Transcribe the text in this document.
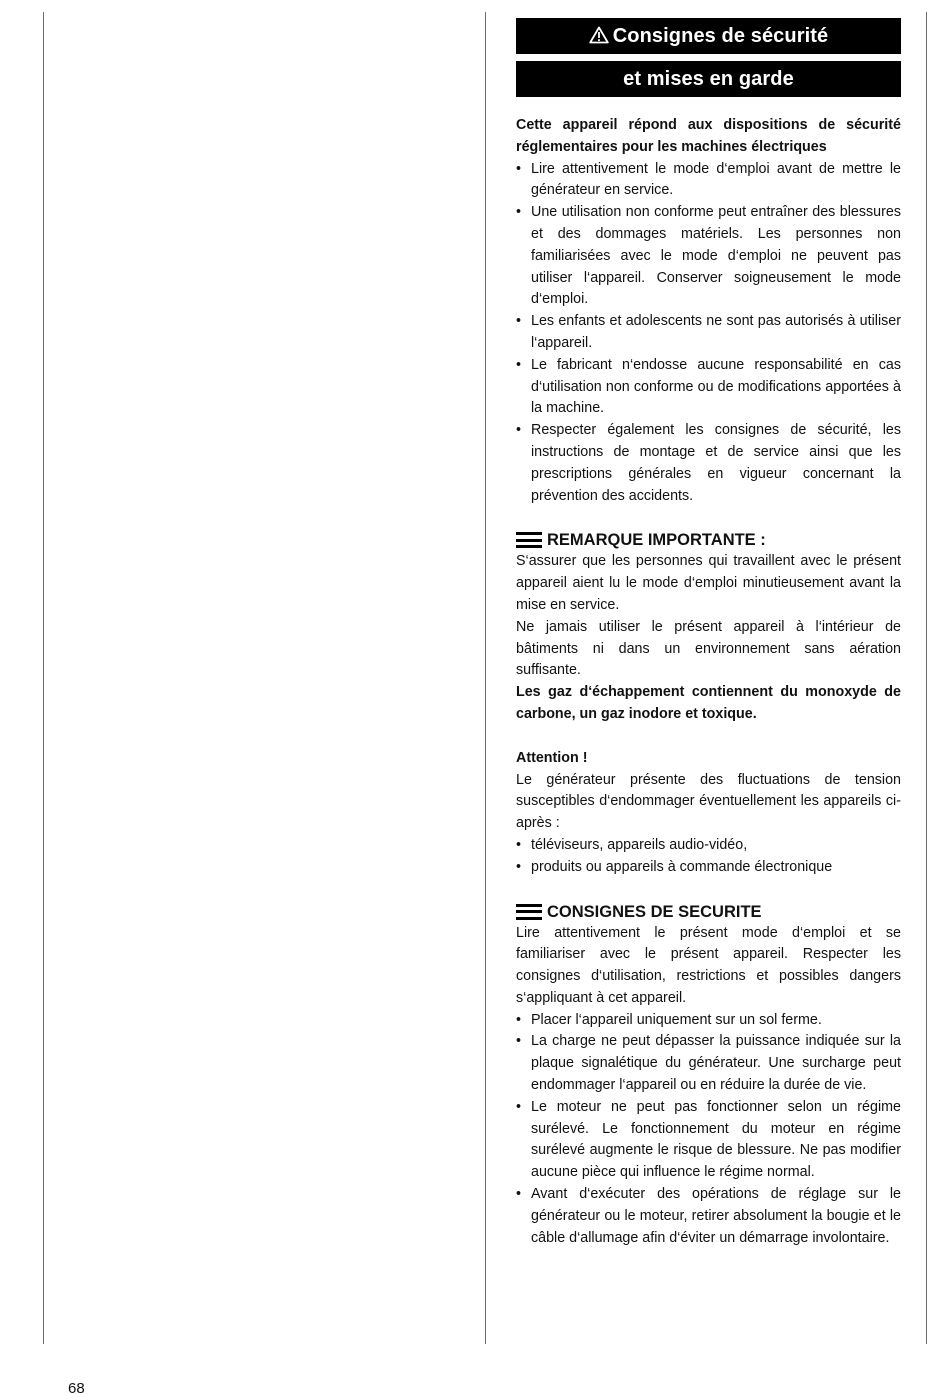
Consignes de sécurité
et mises en garde

Cette appareil répond aux dispositions de sécurité réglementaires pour les machines électriques

• Lire attentivement le mode d‘emploi avant de mettre le générateur en service.
• Une utilisation non conforme peut entraîner des blessures et des dommages matériels. Les personnes non familiarisées avec le mode d‘emploi ne peuvent pas utiliser l‘appareil. Conserver soigneusement le mode d‘emploi.
• Les enfants et adolescents ne sont pas autorisés à utiliser l‘appareil.
• Le fabricant n‘endosse aucune responsabilité en cas d‘utilisation non conforme ou de modifications apportées à la machine.
• Respecter également les consignes de sécurité, les instructions de montage et de service ainsi que les prescriptions générales en vigueur concernant la prévention des accidents.
REMARQUE IMPORTANTE :

S‘assurer que les personnes qui travaillent avec le présent appareil aient lu le mode d‘emploi minutieusement avant la mise en service.

Ne jamais utiliser le présent appareil à l‘intérieur de bâtiments ni dans un environnement sans aération suffisante.

Les gaz d‘échappement contiennent du monoxyde de carbone, un gaz inodore et toxique.

Attention !

Le générateur présente des fluctuations de tension susceptibles d‘endommager éventuellement les appareils ci-après :

• téléviseurs, appareils audio-vidéo,
• produits ou appareils à commande électronique
CONSIGNES DE SECURITE

Lire attentivement le présent mode d‘emploi et se familiariser avec le présent appareil. Respecter les consignes d‘utilisation, restrictions et possibles dangers s‘appliquant à cet appareil.

• Placer l‘appareil uniquement sur un sol ferme.
• La charge ne peut dépasser la puissance indiquée sur la plaque signalétique du générateur. Une surcharge peut endommager l‘appareil ou en réduire la durée de vie.
• Le moteur ne peut pas fonctionner selon un régime surélevé. Le fonctionnement du moteur en régime surélevé augmente le risque de blessure. Ne pas modifier aucune pièce qui influence le régime normal.
• Avant d‘exécuter des opérations de réglage sur le générateur ou le moteur, retirer absolument la bougie et le câble d‘allumage afin d‘éviter un démarrage involontaire.
68
